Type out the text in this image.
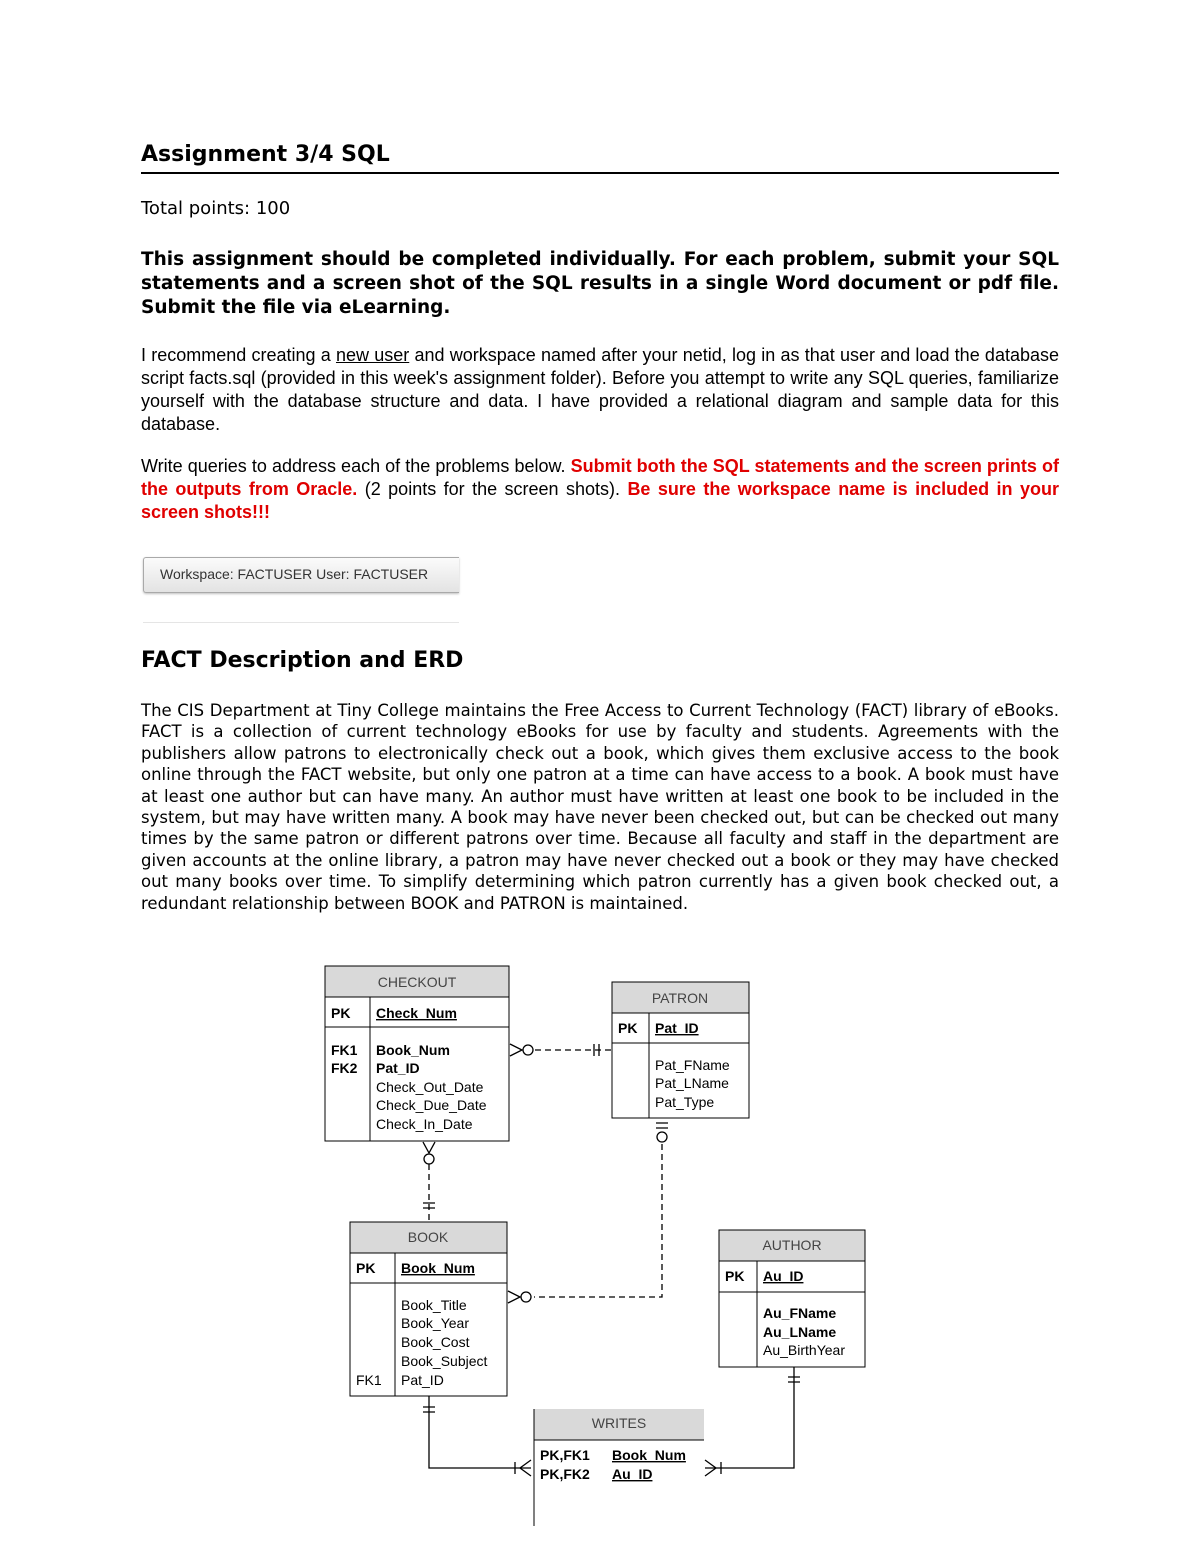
Assignment 3/4 SQL
Total points: 100
This assignment should be completed individually. For each problem, submit your SQL statements and a screen shot of the SQL results in a single Word document or pdf file. Submit the file via eLearning.
I recommend creating a new user and workspace named after your netid, log in as that user and load the database script facts.sql (provided in this week's assignment folder). Before you attempt to write any SQL queries, familiarize yourself with the database structure and data. I have provided a relational diagram and sample data for this database.
Write queries to address each of the problems below. Submit both the SQL statements and the screen prints of the outputs from Oracle. (2 points for the screen shots). Be sure the workspace name is included in your screen shots!!!
Workspace: FACTUSER User: FACTUSER
FACT Description and ERD
The CIS Department at Tiny College maintains the Free Access to Current Technology (FACT) library of eBooks. FACT is a collection of current technology eBooks for use by faculty and students. Agreements with the publishers allow patrons to electronically check out a book, which gives them exclusive access to the book online through the FACT website, but only one patron at a time can have access to a book. A book must have at least one author but can have many. An author must have written at least one book to be included in the system, but may have written many. A book may have never been checked out, but can be checked out many times by the same patron or different patrons over time. Because all faculty and staff in the department are given accounts at the online library, a patron may have never checked out a book or they may have checked out many books over time. To simplify determining which patron currently has a given book checked out, a redundant relationship between BOOK and PATRON is maintained.
CHECKOUT
PK Check_Num
FK1
FK2
Book_Num
Pat_ID
Check_Out_Date
Check_Due_Date
Check_In_Date
PATRON
PK Pat_ID
Pat_FName
Pat_LName
Pat_Type
BOOK
PK Book_Num
Book_Title
Book_Year
Book_Cost
Book_Subject
FK1 Pat_ID
AUTHOR
PK Au_ID
Au_FName
Au_LName
Au_BirthYear
WRITES
PK,FK1
PK,FK2
Book_Num
Au_ID
